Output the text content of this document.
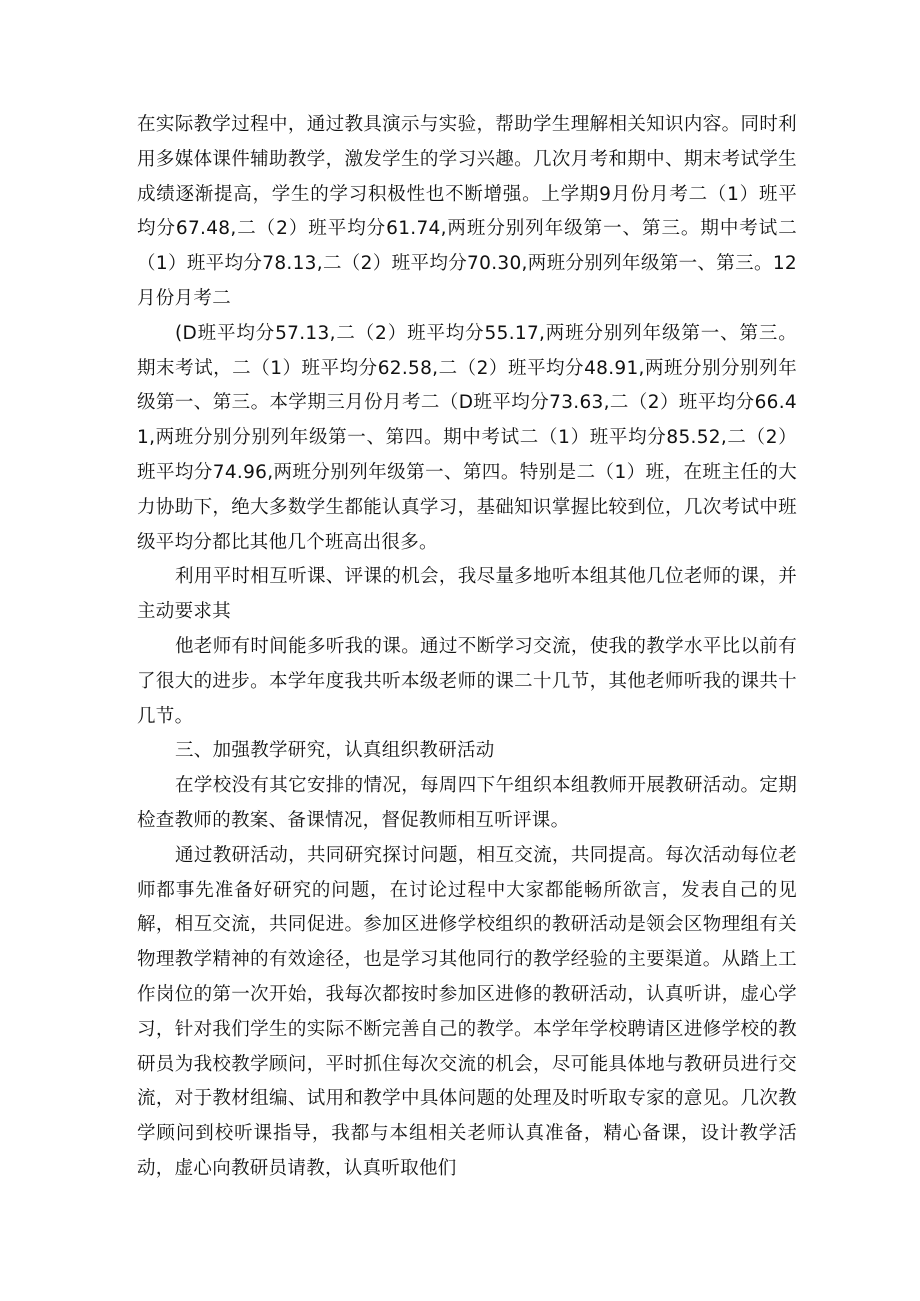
在实际教学过程中，通过教具演示与实验，帮助学生理解相关知识内容。同时利用多媒体课件辅助教学，激发学生的学习兴趣。几次月考和期中、期末考试学生成绩逐渐提高，学生的学习积极性也不断增强。上学期9月份月考二（1）班平均分67.48,二（2）班平均分61.74,两班分别列年级第一、第三。期中考试二（1）班平均分78.13,二（2）班平均分70.30,两班分别列年级第一、第三。12月份月考二

(D班平均分57.13,二（2）班平均分55.17,两班分别列年级第一、第三。期末考试，二（1）班平均分62.58,二（2）班平均分48.91,两班分别分别列年级第一、第三。本学期三月份月考二（D班平均分73.63,二（2）班平均分66.41,两班分别分别列年级第一、第四。期中考试二（1）班平均分85.52,二（2）班平均分74.96,两班分别列年级第一、第四。特别是二（1）班，在班主任的大力协助下，绝大多数学生都能认真学习，基础知识掌握比较到位，几次考试中班级平均分都比其他几个班高出很多。

利用平时相互听课、评课的机会，我尽量多地听本组其他几位老师的课，并主动要求其

他老师有时间能多听我的课。通过不断学习交流，使我的教学水平比以前有了很大的进步。本学年度我共听本级老师的课二十几节，其他老师听我的课共十几节。

三、加强教学研究，认真组织教研活动

在学校没有其它安排的情况，每周四下午组织本组教师开展教研活动。定期检查教师的教案、备课情况，督促教师相互听评课。

通过教研活动，共同研究探讨问题，相互交流，共同提高。每次活动每位老师都事先准备好研究的问题，在讨论过程中大家都能畅所欲言，发表自己的见解，相互交流，共同促进。参加区进修学校组织的教研活动是领会区物理组有关物理教学精神的有效途径，也是学习其他同行的教学经验的主要渠道。从踏上工作岗位的第一次开始，我每次都按时参加区进修的教研活动，认真听讲，虚心学习，针对我们学生的实际不断完善自己的教学。本学年学校聘请区进修学校的教研员为我校教学顾问，平时抓住每次交流的机会，尽可能具体地与教研员进行交流，对于教材组编、试用和教学中具体问题的处理及时听取专家的意见。几次教学顾问到校听课指导，我都与本组相关老师认真准备，精心备课，设计教学活动，虚心向教研员请教，认真听取他们
